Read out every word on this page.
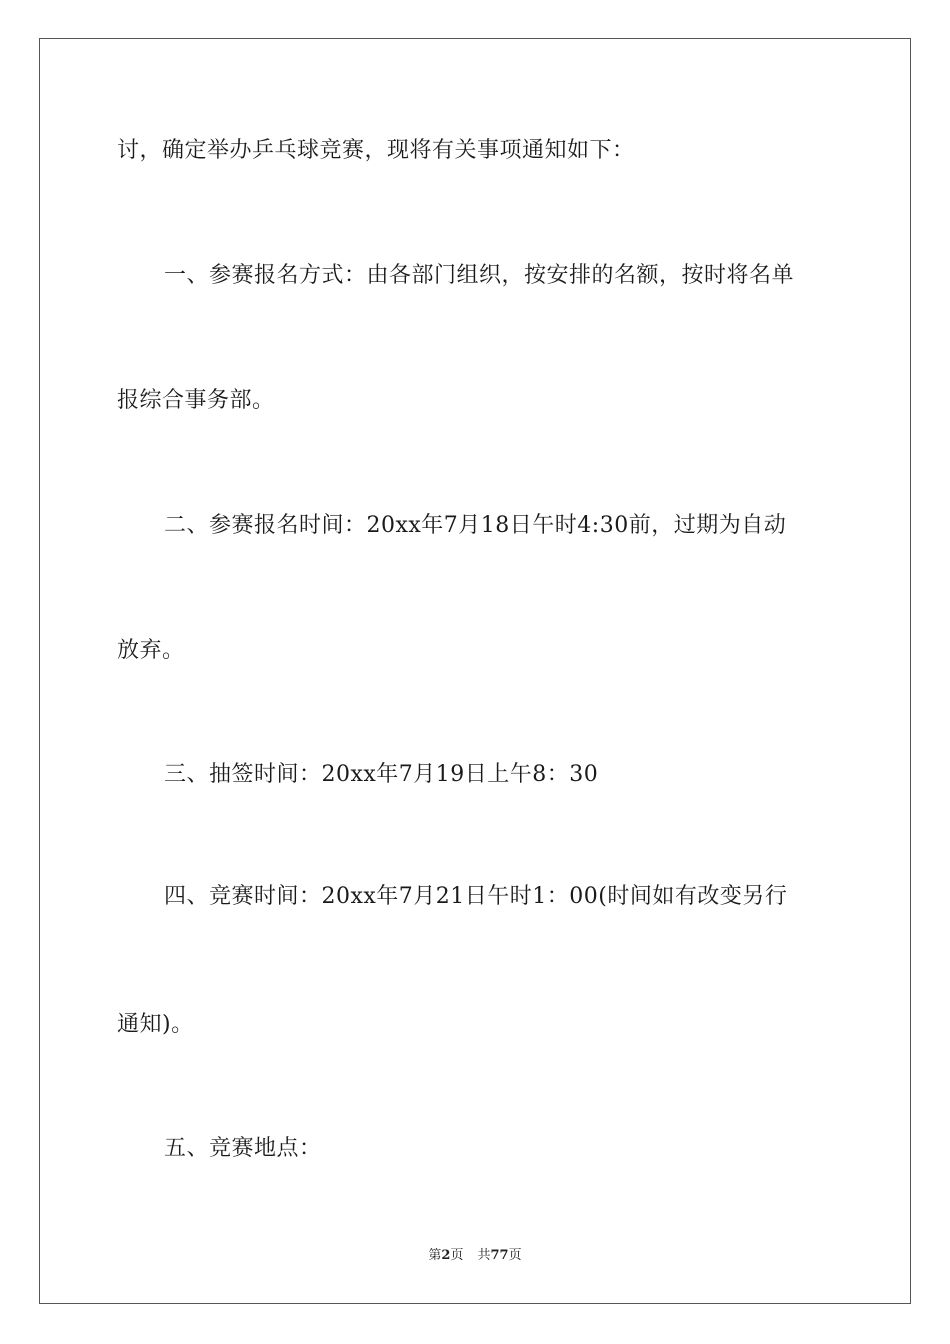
讨，确定举办乒乓球竞赛，现将有关事项通知如下：
一、参赛报名方式：由各部门组织，按安排的名额，按时将名单
报综合事务部。
二、参赛报名时间：20xx年7月18日午时4:30前，过期为自动
放弃。
三、抽签时间：20xx年7月19日上午8：30
四、竞赛时间：20xx年7月21日午时1：00(时间如有改变另行
通知)。
五、竞赛地点：
第2页 共77页
